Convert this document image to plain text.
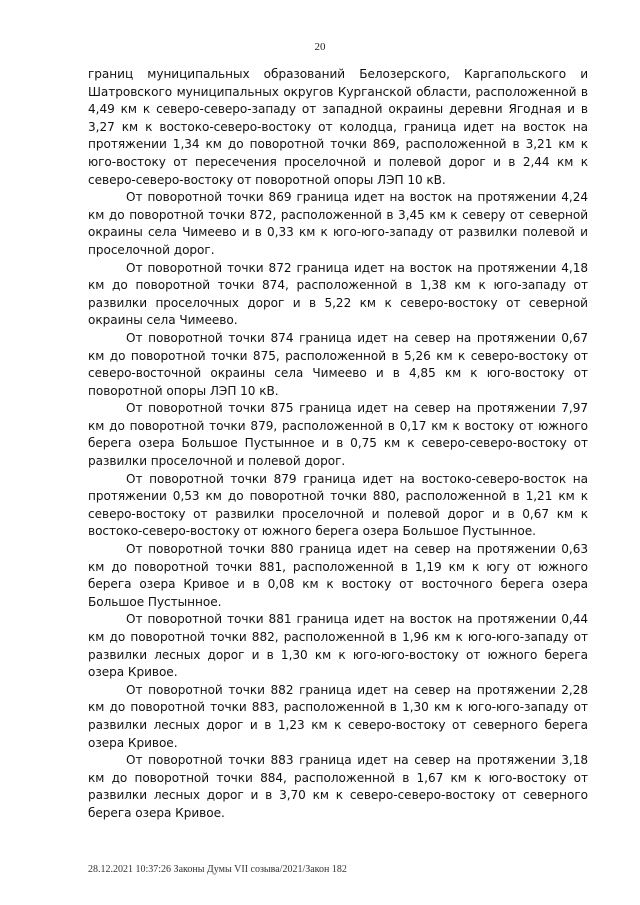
20

границ муниципальных образований Белозерского, Каргапольского и Шатровского муниципальных округов Курганской области, расположенной в 4,49 км к северо-северо-западу от западной окраины деревни Ягодная и в 3,27 км к востоко-северо-востоку от колодца, граница идет на восток на протяжении 1,34 км до поворотной точки 869, расположенной в 3,21 км к юго-востоку от пересечения проселочной и полевой дорог и в 2,44 км к северо-северо-востоку от поворотной опоры ЛЭП 10 кВ.

От поворотной точки 869 граница идет на восток на протяжении 4,24 км до поворотной точки 872, расположенной в 3,45 км к северу от северной окраины села Чимеево и в 0,33 км к юго-юго-западу от развилки полевой и проселочной дорог.

От поворотной точки 872 граница идет на восток на протяжении 4,18 км до поворотной точки 874, расположенной в 1,38 км к юго-западу от развилки проселочных дорог и в 5,22 км к северо-востоку от северной окраины села Чимеево.

От поворотной точки 874 граница идет на север на протяжении 0,67 км до поворотной точки 875, расположенной в 5,26 км к северо-востоку от северо-восточной окраины села Чимеево и в 4,85 км к юго-востоку от поворотной опоры ЛЭП 10 кВ.

От поворотной точки 875 граница идет на север на протяжении 7,97 км до поворотной точки 879, расположенной в 0,17 км к востоку от южного берега озера Большое Пустынное и в 0,75 км к северо-северо-востоку от развилки проселочной и полевой дорог.

От поворотной точки 879 граница идет на востоко-северо-восток на протяжении 0,53 км до поворотной точки 880, расположенной в 1,21 км к северо-востоку от развилки проселочной и полевой дорог и в 0,67 км к востоко-северо-востоку от южного берега озера Большое Пустынное.

От поворотной точки 880 граница идет на север на протяжении 0,63 км до поворотной точки 881, расположенной в 1,19 км к югу от южного берега озера Кривое и в 0,08 км к востоку от восточного берега озера Большое Пустынное.

От поворотной точки 881 граница идет на восток на протяжении 0,44 км до поворотной точки 882, расположенной в 1,96 км к юго-юго-западу от развилки лесных дорог и в 1,30 км к юго-юго-востоку от южного берега озера Кривое.

От поворотной точки 882 граница идет на север на протяжении 2,28 км до поворотной точки 883, расположенной в 1,30 км к юго-юго-западу от развилки лесных дорог и в 1,23 км к северо-востоку от северного берега озера Кривое.

От поворотной точки 883 граница идет на север на протяжении 3,18 км до поворотной точки 884, расположенной в 1,67 км к юго-востоку от развилки лесных дорог и в 3,70 км к северо-северо-востоку от северного берега озера Кривое.

28.12.2021 10:37:26 Законы Думы VII созыва/2021/Закон 182
